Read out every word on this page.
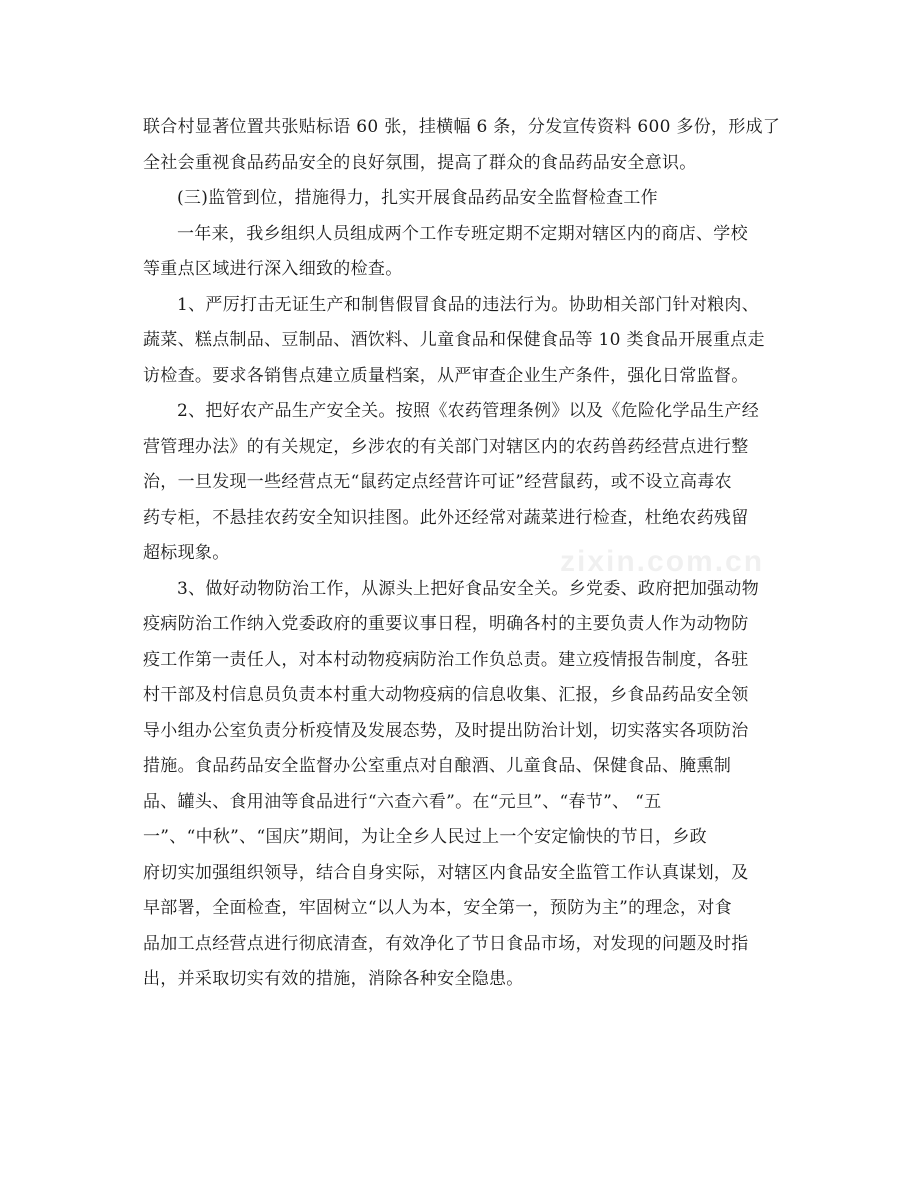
zixin.com.cn
联合村显著位置共张贴标语 60 张，挂横幅 6 条，分发宣传资料 600 多份，形成了
全社会重视食品药品安全的良好氛围，提高了群众的食品药品安全意识。
(三)监管到位，措施得力，扎实开展食品药品安全监督检查工作
一年来，我乡组织人员组成两个工作专班定期不定期对辖区内的商店、学校
等重点区域进行深入细致的检查。
1、严厉打击无证生产和制售假冒食品的违法行为。协助相关部门针对粮肉、
蔬菜、糕点制品、豆制品、酒饮料、儿童食品和保健食品等 10 类食品开展重点走
访检查。要求各销售点建立质量档案，从严审查企业生产条件，强化日常监督。
2、把好农产品生产安全关。按照《农药管理条例》以及《危险化学品生产经
营管理办法》的有关规定，乡涉农的有关部门对辖区内的农药兽药经营点进行整
治，一旦发现一些经营点无“鼠药定点经营许可证”经营鼠药，或不设立高毒农
药专柜，不悬挂农药安全知识挂图。此外还经常对蔬菜进行检查，杜绝农药残留
超标现象。
3、做好动物防治工作，从源头上把好食品安全关。乡党委、政府把加强动物
疫病防治工作纳入党委政府的重要议事日程，明确各村的主要负责人作为动物防
疫工作第一责任人，对本村动物疫病防治工作负总责。建立疫情报告制度，各驻
村干部及村信息员负责本村重大动物疫病的信息收集、汇报，乡食品药品安全领
导小组办公室负责分析疫情及发展态势，及时提出防治计划，切实落实各项防治
措施。食品药品安全监督办公室重点对自酿酒、儿童食品、保健食品、腌熏制
品、罐头、食用油等食品进行“六查六看”。在“元旦”、“春节”、 “五
一”、“中秋”、“国庆”期间，为让全乡人民过上一个安定愉快的节日，乡政
府切实加强组织领导，结合自身实际，对辖区内食品安全监管工作认真谋划，及
早部署，全面检查，牢固树立“以人为本，安全第一，预防为主”的理念，对食
品加工点经营点进行彻底清查，有效净化了节日食品市场，对发现的问题及时指
出，并采取切实有效的措施，消除各种安全隐患。
